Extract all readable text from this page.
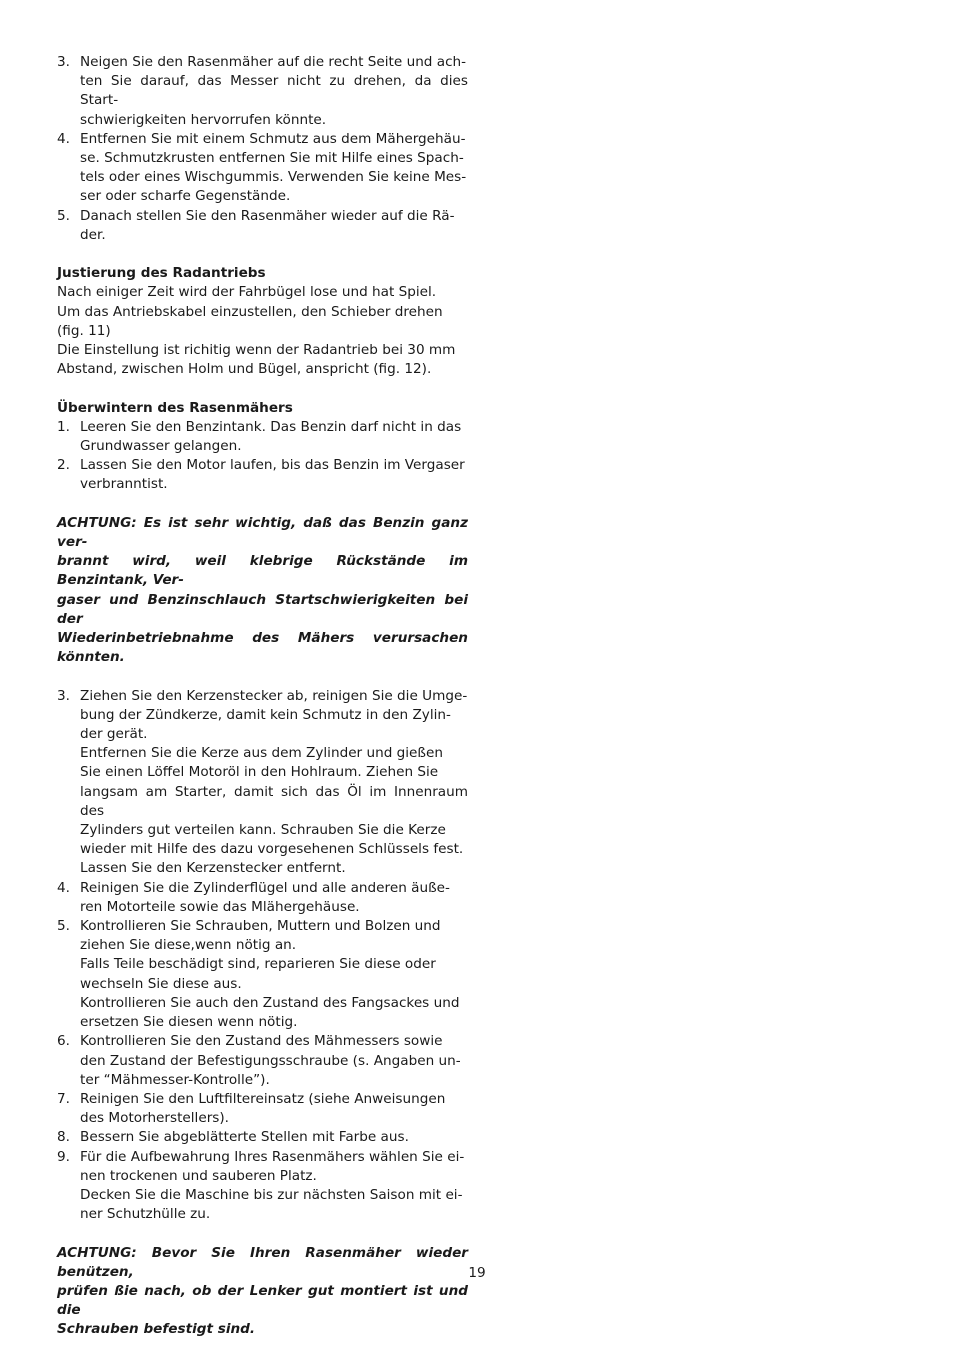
3. Neigen Sie den Rasenmäher auf die recht Seite und ach-
ten Sie darauf, das Messer nicht zu drehen, da dies Start-
schwierigkeiten hervorrufen könnte.
4. Entfernen Sie mit einem Schmutz aus dem Mähergehäu-
se. Schmutzkrusten entfernen Sie mit Hilfe eines Spach-
tels oder eines Wischgummis. Verwenden Sie keine Mes-
ser oder scharfe Gegenstände.
5. Danach stellen Sie den Rasenmäher wieder auf die Rä-
der.

Justierung des Radantriebs

Nach einiger Zeit wird der Fahrbügel lose und hat Spiel.

Um das Antriebskabel einzustellen, den Schieber drehen
(fig. 11)

Die Einstellung ist richitig wenn der Radantrieb bei 30 mm
Abstand, zwischen Holm und Bügel, anspricht (fig. 12).

Überwintern des Rasenmähers

1. Leeren Sie den Benzintank. Das Benzin darf nicht in das
Grundwasser gelangen.
2. Lassen Sie den Motor laufen, bis das Benzin im Vergaser
verbranntist.

ACHTUNG: Es ist sehr wichtig, daß das Benzin ganz ver-
brannt wird, weil klebrige Rückstände im Benzintank, Ver-
gaser und Benzinschlauch Startschwierigkeiten bei der
Wiederinbetriebnahme des Mähers verursachen könnten.

3. Ziehen Sie den Kerzenstecker ab, reinigen Sie die Umge-
bung der Zündkerze, damit kein Schmutz in den Zylin-
der gerät.

Entfernen Sie die Kerze aus dem Zylinder und gießen
Sie einen Löffel Motoröl in den Hohlraum. Ziehen Sie
langsam am Starter, damit sich das Öl im Innenraum des
Zylinders gut verteilen kann. Schrauben Sie die Kerze
wieder mit Hilfe des dazu vorgesehenen Schlüssels fest.
Lassen Sie den Kerzenstecker entfernt.

4. Reinigen Sie die Zylinderflügel und alle anderen äuße-
ren Motorteile sowie das Mlähergehäuse.

5. Kontrollieren Sie Schrauben, Muttern und Bolzen und
ziehen Sie diese,wenn nötig an.

Falls Teile beschädigt sind, reparieren Sie diese oder
wechseln Sie diese aus.

Kontrollieren Sie auch den Zustand des Fangsackes und
ersetzen Sie diesen wenn nötig.

6. Kontrollieren Sie den Zustand des Mähmessers sowie
den Zustand der Befestigungsschraube (s. Angaben un-
ter “Mähmesser-Kontrolle”).

7. Reinigen Sie den Luftfiltereinsatz (siehe Anweisungen
des Motorherstellers).

8. Bessern Sie abgeblätterte Stellen mit Farbe aus.

9. Für die Aufbewahrung Ihres Rasenmähers wählen Sie ei-
nen trockenen und sauberen Platz.

Decken Sie die Maschine bis zur nächsten Saison mit ei-
ner Schutzhülle zu.

ACHTUNG: Bevor Sie Ihren Rasenmäher wieder benützen,
prüfen ßie nach, ob der Lenker gut montiert ist und die
Schrauben befestigt sind.

19
